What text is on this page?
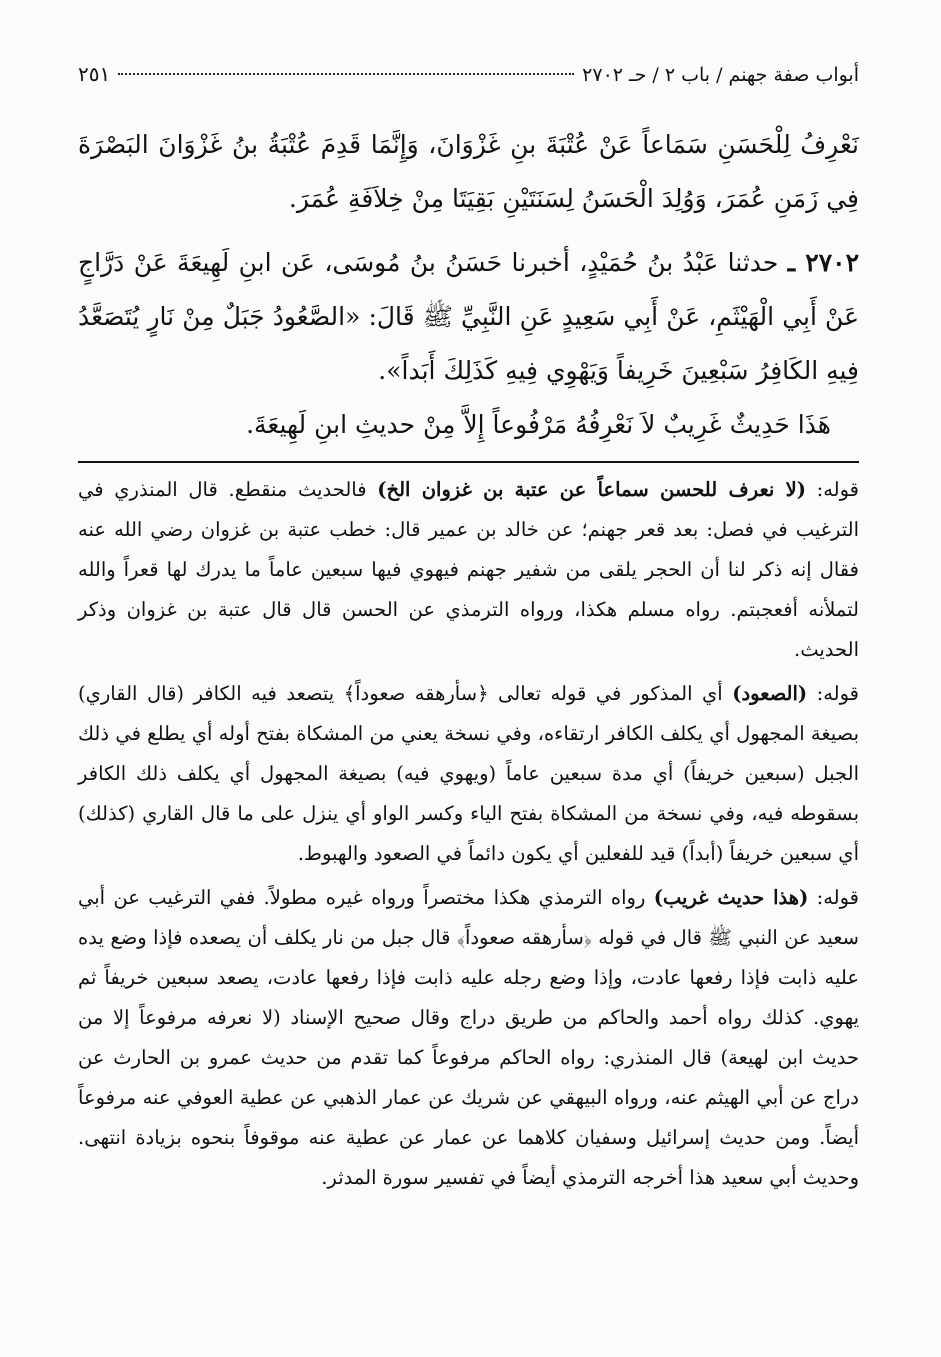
أبواب صفة جهنم / باب ٢ / حـ ٢٧٠٢
٢٥١

نَعْرِفُ لِلْحَسَنِ سَمَاعاً عَنْ عُتْبَةَ بنِ غَزْوَانَ، وَإِنَّمَا قَدِمَ عُتْبَةُ بنُ غَزْوَانَ البَصْرَةَ فِي زَمَنِ عُمَرَ، وَوُلِدَ الْحَسَنُ لِسَنَتَيْنِ بَقِيَتَا مِنْ خِلاَفَةِ عُمَرَ.

٢٧٠٢ ـ حدثنا عَبْدُ بنُ حُمَيْدٍ، أخبرنا حَسَنُ بنُ مُوسَى، عَن ابنِ لَهِيعَةَ عَنْ دَرَّاجٍ عَنْ أَبِي الْهَيْثَمِ، عَنْ أَبِي سَعِيدٍ عَنِ النَّبِيِّ ﷺ قَالَ: «الصَّعُودُ جَبَلٌ مِنْ نَارٍ يُتَصَعَّدُ فِيهِ الكَافِرُ سَبْعِينَ خَرِيفاً وَيَهْوِي فِيهِ كَذَلِكَ أَبَداً».

هَذَا حَدِيثٌ غَرِيبٌ لاَ نَعْرِفُهُ مَرْفُوعاً إِلاَّ مِنْ حديثِ ابنِ لَهِيعَةَ.

قوله: (لا نعرف للحسن سماعاً عن عتبة بن غزوان الخ) فالحديث منقطع. قال المنذري في الترغيب في فصل: بعد قعر جهنم؛ عن خالد بن عمير قال: خطب عتبة بن غزوان رضي الله عنه فقال إنه ذكر لنا أن الحجر يلقى من شفير جهنم فيهوي فيها سبعين عاماً ما يدرك لها قعراً والله لتملأنه أفعجبتم. رواه مسلم هكذا، ورواه الترمذي عن الحسن قال قال عتبة بن غزوان وذكر الحديث.

قوله: (الصعود) أي المذكور في قوله تعالى ﴿سأرهقه صعوداً﴾ يتصعد فيه الكافر (قال القاري) بصيغة المجهول أي يكلف الكافر ارتقاءه، وفي نسخة يعني من المشكاة بفتح أوله أي يطلع في ذلك الجبل (سبعين خريفاً) أي مدة سبعين عاماً (ويهوي فيه) بصيغة المجهول أي يكلف ذلك الكافر بسقوطه فيه، وفي نسخة من المشكاة بفتح الياء وكسر الواو أي ينزل على ما قال القاري (كذلك) أي سبعين خريفاً (أبداً) قيد للفعلين أي يكون دائماً في الصعود والهبوط.

قوله: (هذا حديث غريب) رواه الترمذي هكذا مختصراً ورواه غيره مطولاً. ففي الترغيب عن أبي سعيد عن النبي ﷺ قال في قوله ﴿سأرهقه صعوداً﴾ قال جبل من نار يكلف أن يصعده فإذا وضع يده عليه ذابت فإذا رفعها عادت، وإذا وضع رجله عليه ذابت فإذا رفعها عادت، يصعد سبعين خريفاً ثم يهوي. كذلك رواه أحمد والحاكم من طريق دراج وقال صحيح الإسناد (لا نعرفه مرفوعاً إلا من حديث ابن لهيعة) قال المنذري: رواه الحاكم مرفوعاً كما تقدم من حديث عمرو بن الحارث عن دراج عن أبي الهيثم عنه، ورواه البيهقي عن شريك عن عمار الذهبي عن عطية العوفي عنه مرفوعاً أيضاً. ومن حديث إسرائيل وسفيان كلاهما عن عمار عن عطية عنه موقوفاً بنحوه بزيادة انتهى. وحديث أبي سعيد هذا أخرجه الترمذي أيضاً في تفسير سورة المدثر.
